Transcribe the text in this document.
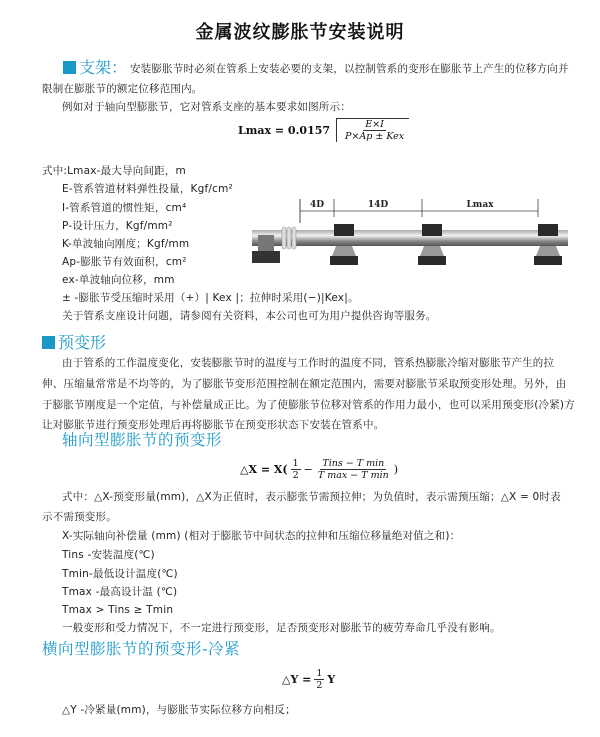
金属波纹膨胀节安装说明
支架： 安装膨胀节时必须在管系上安装必要的支架，以控制管系的变形在膨胀节上产生的位移方向并
限制在膨胀节的额定位移范围内。
例如对于轴向型膨胀节，它对管系支座的基本要求如图所示：
$Lmax = 0.0157 \frac{E\times I}{\text{P×Ap ± Kex}}$
式中:Lmax-最大导向间距，m
E-管系管道材料弹性投量，Kgf/cm²
I-管系管道的惯性矩，cm⁴
P-设计压力，Kgf/mm²
K-单波轴向刚度；Kgf/mm
Ap-膨胀节有效面积，cm²
ex-单波轴向位移，mm
± -膨胀节受压缩时采用（+）| Kex |；拉伸时采用(−)|Kex|。
关于管系支座设计问题，请参阅有关资料，本公司也可为用户提供咨询等服务。
4D	14D	Lmax
预变形
由于管系的工作温度变化，安装膨胀节时的温度与工作时的温度不同，管系热膨胀冷缩对膨胀节产生的拉
伸、压缩量常常是不均等的，为了膨胀节变形范围控制在额定范围内，需要对膨胀节采取预变形处理。另外，由
于膨胀节刚度是一个定值，与补偿量成正比。为了使膨胀节位移对管系的作用力最小，也可以采用预变形(冷紧)方
让对膨胀节进行预变形处理后再将膨胀节在预变形状态下安装在管系中。
轴向型膨胀节的预变形
△X = $X( \frac{1}{2} - \frac{\text{Tins − T min}}{\text{T max − T min}}$ )
式中：△X-预变形量(mm)，△X为正值时，表示膨张节需预拉伸；为负值时，表示需预压缩；△X = 0时表
示不需预变形。
X-实际轴向补偿量 (mm) (相对于膨胀节中间状态的拉伸和压缩位移量绝对值之和)：
Tins -安装温度(℃)
Tmin-最低设计温度(℃)
Tmax -最高设计温 (℃)
Tmax > Tins ≥ Tmin
一般变形和受力情况下，不一定进行预变形，足否预变形对膨胀节的疲劳寿命几乎没有影响。
横向型膨胀节的预变形-冷紧
△Y = $\frac{1}{2}$ Y
△Y -冷紧量(mm)，与膨胀节实际位移方向相反；
